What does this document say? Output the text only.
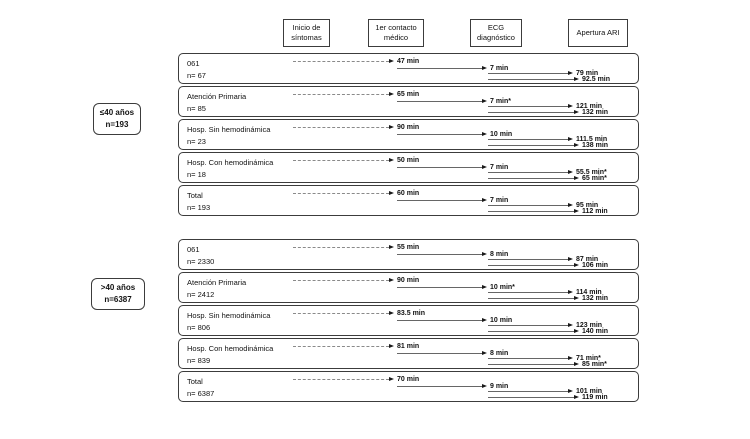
Inicio de
síntomas
1er contacto
médico
ECG
diagnóstico
Apertura ARI
≤40 años
n=193
>40 años
n=6387
061
n= 67
47 min
7 min
79 min
92.5 min
Atención Primaria
n= 85
65 min
7 min*
121 min
132 min
Hosp. Sin hemodinámica
n= 23
90 min
10 min
111.5 min
138 min
Hosp. Con hemodinámica
n= 18
50 min
7 min
55.5 min*
65 min*
Total
n= 193
60 min
7 min
95 min
112 min
061
n= 2330
55 min
8 min
87 min
106 min
Atención Primaria
n= 2412
90 min
10 min*
114 min
132 min
Hosp. Sin hemodinámica
n= 806
83.5 min
10 min
123 min
140 min
Hosp. Con hemodinámica
n= 839
81 min
8 min
71 min*
85 min*
Total
n= 6387
70 min
9 min
101 min
119 min
